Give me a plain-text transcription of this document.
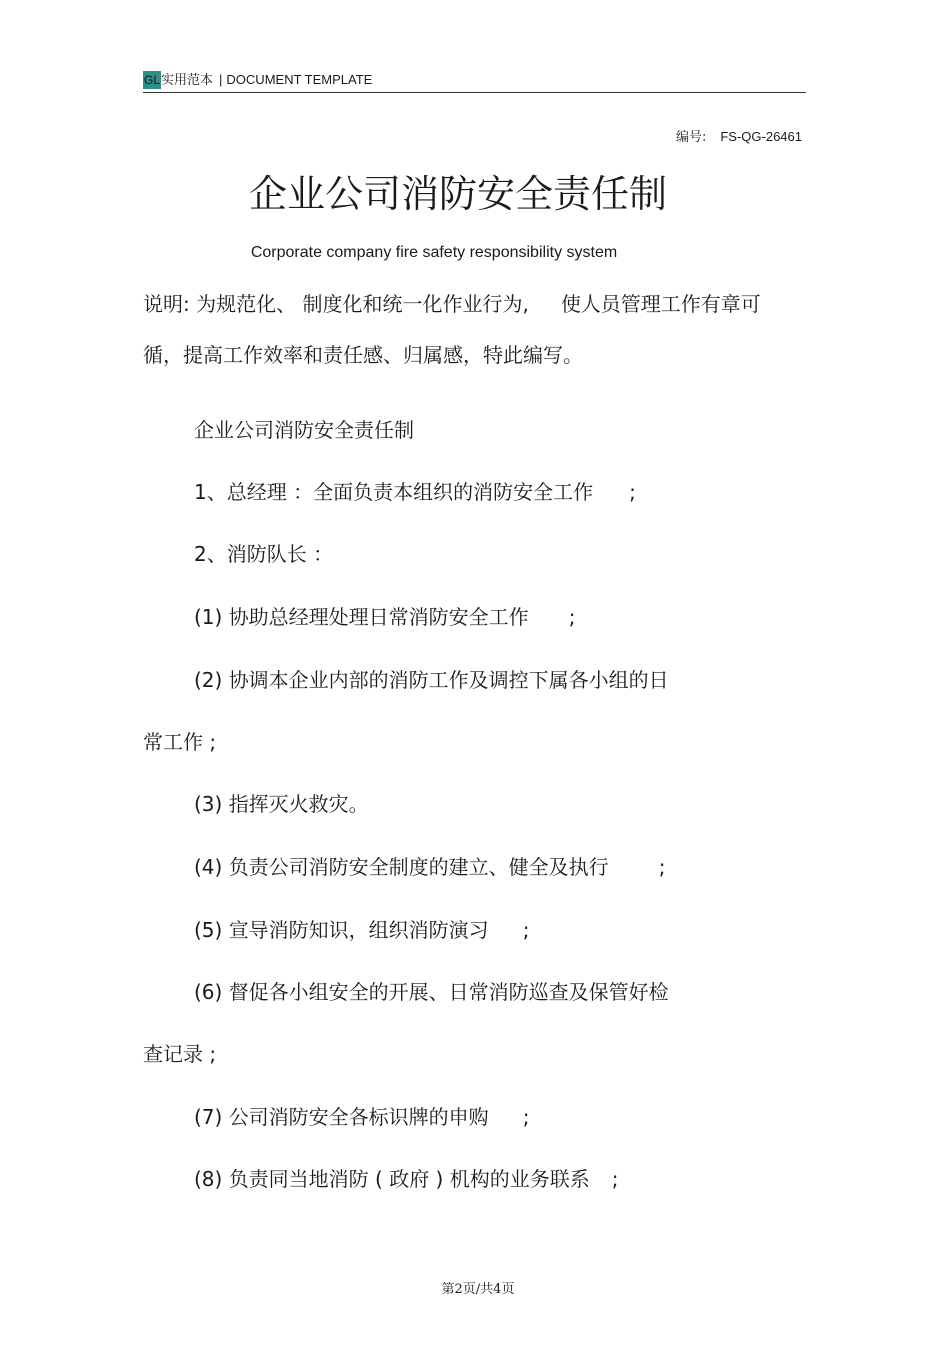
GL实用范本 | DOCUMENT TEMPLATE
编号: FS-QG-26461
企业公司消防安全责任制
Corporate company fire safety responsibility system
说明: 为规范化、 制度化和统一化作业行为, 使人员管理工作有章可
循，提高工作效率和责任感、归属感，特此编写。
企业公司消防安全责任制
1、总经理 ：全面负责本组织的消防安全工作 ;
2、消防队长 ：
(1) 协助总经理处理日常消防安全工作 ;
(2) 协调本企业内部的消防工作及调控下属各小组的日
常工作 ;
(3) 指挥灭火救灾。
(4) 负责公司消防安全制度的建立、健全及执行	;
(5) 宣导消防知识，组织消防演习 ;
(6) 督促各小组安全的开展、日常消防巡查及保管好检
查记录 ;
(7) 公司消防安全各标识牌的申购 ;
(8) 负责同当地消防 ( 政府 ) 机构的业务联系 ;
第2页/共4页
